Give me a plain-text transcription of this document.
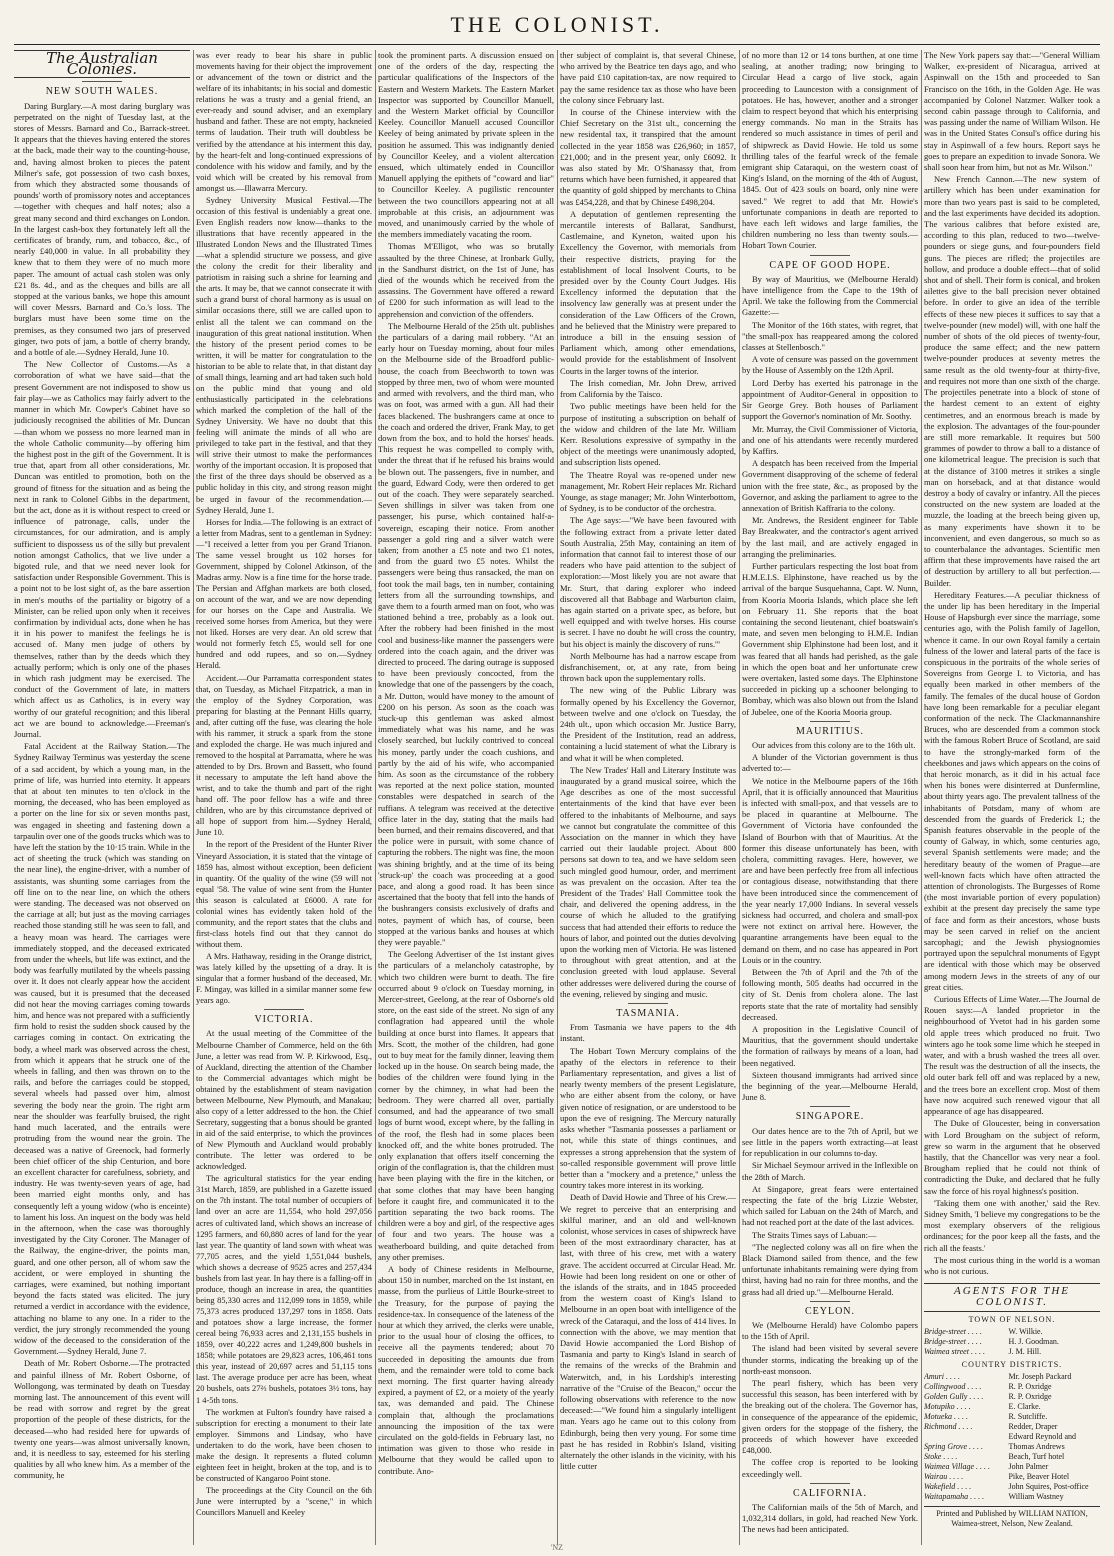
THE COLONIST.
The Australian Colonies.
NEW SOUTH WALES.

Daring Burglary.—A most daring burglary was perpetrated on the night of Tuesday last, at the stores of Messrs. Barnard and Co., Barrack-street. It appears that the thieves having entered the stores at the back, made their way to the counting-house, and, having almost broken to pieces the patent Milner's safe, got possession of two cash boxes, from which they abstracted some thousands of pounds' worth of promissory notes and acceptances—together with cheques and half notes; also a great many second and third exchanges on London. In the largest cash-box they fortunately left all the certificates of brandy, rum, and tobacco, &c., of nearly £40,000 in value. In all probability they knew that to them they were of no much more paper. The amount of actual cash stolen was only £21 8s. 4d., and as the cheques and bills are all stopped at the various banks, we hope this amount will cover Messrs. Barnard and Co.'s loss. The burglars must have been some time on the premises, as they consumed two jars of preserved ginger, two pots of jam, a bottle of cherry brandy, and a bottle of ale.—Sydney Herald, June 10.

The New Collector of Customs.—As a corroboration of what we have said—that the present Government are not indisposed to show us fair play—we as Catholics may fairly advert to the manner in which Mr. Cowper's Cabinet have so judiciously recognised the abilities of Mr. Duncan—than whom we possess no more learned man in the whole Catholic community—by offering him the highest post in the gift of the Government. It is true that, apart from all other considerations, Mr. Duncan was entitled to promotion, both on the ground of fitness for the situation and as being the next in rank to Colonel Gibbs in the department, but the act, done as it is without respect to creed or influence of patronage, calls, under the circumstances, for our admiration, and is amply sufficient to dispossess us of the silly but prevalent notion amongst Catholics, that we live under a bigoted rule, and that we need never look for satisfaction under Responsible Government. This is a point not to be lost sight of, as the bare assertion in men's mouths of the partiality or bigotry of a Minister, can be relied upon only when it receives confirmation by individual acts, done when he has it in his power to manifest the feelings he is accused of. Many men judge of others by themselves, rather than by the deeds which they actually perform; which is only one of the phases in which rash judgment may be exercised. The conduct of the Government of late, in matters which affect us as Catholics, is in every way worthy of our grateful recognition; and this liberal act we are bound to acknowledge.—Freeman's Journal.

Fatal Accident at the Railway Station.—The Sydney Railway Terminus was yesterday the scene of a sad accident, by which a young man, in the prime of life, was hurried into eternity. It appears that at about ten minutes to ten o'clock in the morning, the deceased, who has been employed as a porter on the line for six or seven months past, was engaged in sheeting and fastening down a tarpaulin over one of the goods trucks which was to have left the station by the 10·15 train. While in the act of sheeting the truck (which was standing on the near line), the engine-driver, with a number of assistants, was shunting some carriages from the off line on to the near line, on which the others were standing. The deceased was not observed on the carriage at all; but just as the moving carriages reached those standing still he was seen to fall, and a heavy moan was heard. The carriages were immediately stopped, and the deceased extricated from under the wheels, but life was extinct, and the body was fearfully mutilated by the wheels passing over it. It does not clearly appear how the accident was caused, but it is presumed that the deceased did not hear the moving carriages coming towards him, and hence was not prepared with a sufficiently firm hold to resist the sudden shock caused by the carriages coming in contact. On extricating the body, a wheel mark was observed across the chest, from which it appears that he struck one of the wheels in falling, and then was thrown on to the rails, and before the carriages could be stopped, several wheels had passed over him, almost severing the body near the groin. The right arm near the shoulder was fearfully bruised, the right hand much lacerated, and the entrails were protruding from the wound near the groin. The deceased was a native of Greenock, had formerly been chief officer of the ship Centurion, and bore an excellent character for carefulness, sobriety, and industry. He was twenty-seven years of age, had been married eight months only, and has consequently left a young widow (who is enceinte) to lament his loss. An inquest on the body was held in the afternoon, when the case was thoroughly investigated by the City Coroner. The Manager of the Railway, the engine-driver, the points man, guard, and one other person, all of whom saw the accident, or were employed in shunting the carriages, were examined, but nothing important beyond the facts stated was elicited. The jury returned a verdict in accordance with the evidence, attaching no blame to any one. In a rider to the verdict, the jury strongly recommended the young widow of the deceased to the consideration of the Government.—Sydney Herald, June 7.

Death of Mr. Robert Osborne.—The protracted and painful illness of Mr. Robert Osborne, of Wollongong, was terminated by death on Tuesday morning last. The announcement of this event will be read with sorrow and regret by the great proportion of the people of these districts, for the deceased—who had resided here for upwards of twenty one years—was almost universally known, and, it is needless to say, esteemed for his sterling qualities by all who knew him. As a member of the community, he

was ever ready to bear his share in public movements having for their object the improvement or advancement of the town or district and the welfare of its inhabitants; in his social and domestic relations he was a trusty and a genial friend, an ever-ready and sound adviser, and an exemplary husband and father. These are not empty, hackneied terms of laudation. Their truth will doubtless be verified by the attendance at his interment this day, by the heart-felt and long-continued expressions of condolence with his widow and family, and by the void which will be created by his removal from amongst us.—Illawarra Mercury.

Sydney University Musical Festival.—The occasion of this festival is undeniably a great one. Even English readers now know—thanks to the illustrations that have recently appeared in the Illustrated London News and the Illustrated Times—what a splendid structure we possess, and give the colony the credit for their liberality and patriotism in raising such a shrine for learning and the arts. It may be, that we cannot consecrate it with such a grand burst of choral harmony as is usual on similar occasions there, still we are called upon to enlist all the talent we can command on the inauguration of this great national institution. When the history of the present period comes to be written, it will be matter for congratulation to the historian to be able to relate that, in that distant day of small things, learning and art had taken such hold on the public mind that young and old enthusiastically participated in the celebrations which marked the completion of the hall of the Sydney University. We have no doubt that this feeling will animate the minds of all who are privileged to take part in the festival, and that they will strive their utmost to make the performances worthy of the important occasion. It is proposed that the first of the three days should be observed as a public holiday in this city, and strong reason might be urged in favour of the recommendation.—Sydney Herald, June 1.

Horses for India.—The following is an extract of a letter from Madras, sent to a gentleman in Sydney:—"I received a letter from you per Grand Trianon. The same vessel brought us 102 horses for Government, shipped by Colonel Atkinson, of the Madras army. Now is a fine time for the horse trade. The Persian and Affghan markets are both closed, on account of the war, and we are now depending for our horses on the Cape and Australia. We received some horses from America, but they were not liked. Horses are very dear. An old screw that would not formerly fetch £5, would sell for one hundred and odd rupees, and so on.—Sydney Herald.

Accident.—Our Parramatta correspondent states that, on Tuesday, as Michael Fitzpatrick, a man in the employ of the Sydney Corporation, was preparing for blasting at the Pennant Hills quarry, and, after cutting off the fuse, was clearing the hole with his rammer, it struck a spark from the stone and exploded the charge. He was much injured and removed to the hospital at Parramatta, where he was attended to by Drs. Brown and Bassett, who found it necessary to amputate the left hand above the wrist, and to take the thumb and part of the right hand off. The poor fellow has a wife and three children, who are by this circumstance deprived of all hope of support from him.—Sydney Herald, June 10.

In the report of the President of the Hunter River Vineyard Association, it is stated that the vintage of 1859 has, almost without exception, been deficient in quantity. Of the quality of the wine (59 will not equal '58. The value of wine sent from the Hunter this season is calculated at £6000. A rate for colonial wines has evidently taken hold of the community, and the report states that the clubs and first-class hotels find out that they cannot do without them.

A Mrs. Hathaway, residing in the Orange district, was lately killed by the upsetting of a dray. It is singular that a former husband of the deceased, Mr. F. Mingay, was killed in a similar manner some few years ago.

VICTORIA.

At the usual meeting of the Committee of the Melbourne Chamber of Commerce, held on the 6th June, a letter was read from W. P. Kirkwood, Esq., of Auckland, directing the attention of the Chamber to the Commercial advantages which might be obtained by the establishment of steam navigation between Melbourne, New Plymouth, and Manakau; also copy of a letter addressed to the hon. the Chief Secretary, suggesting that a bonus should be granted in aid of the said enterprise, to which the provinces of New Plymouth and Auckland would probably contribute. The letter was ordered to be acknowledged.

The agricultural statistics for the year ending 31st March, 1859, are published in a Gazette issued on the 7th instant. The total number of occupiers of land over an acre are 11,554, who hold 297,056 acres of cultivated land, which shows an increase of 1295 farmers, and 60,880 acres of land for the year last year. The quantity of land sown with wheat was 77,705 acres, and the yield 1,551,044 bushels, which shows a decrease of 9525 acres and 257,434 bushels from last year. In hay there is a falling-off in produce, though an increase in area, the quantities being 85,330 acres and 112,099 tons in 1859, while 75,373 acres produced 137,297 tons in 1858. Oats and potatoes show a large increase, the former cereal being 76,933 acres and 2,131,155 bushels in 1859, over 40,222 acres and 1,249,800 bushels in 1858; while potatoes are 29,823 acres, 106,461 tons this year, instead of 20,697 acres and 51,115 tons last. The average produce per acre has been, wheat 20 bushels, oats 27⅔ bushels, potatoes 3½ tons, hay 1 4-5th tons.

The workmen at Fulton's foundry have raised a subscription for erecting a monument to their late employer. Simmons and Lindsay, who have undertaken to do the work, have been chosen to make the design. It represents a fluted column eighteen feet in height, broken at the top, and is to be constructed of Kangaroo Point stone.

The proceedings at the City Council on the 6th June were interrupted by a "scene," in which Councillors Manuell and Keeley

took the prominent parts. A discussion ensued on one of the orders of the day, respecting the particular qualifications of the Inspectors of the Eastern and Western Markets. The Eastern Market Inspector was supported by Councillor Manuell, and the Western Market official by Councillor Keeley. Councillor Manuell accused Councillor Keeley of being animated by private spleen in the position he assumed. This was indignantly denied by Councillor Keeley, and a violent altercation ensued, which ultimately ended in Councillor Manuell applying the epithets of "coward and liar" to Councillor Keeley. A pugilistic rencounter between the two councillors appearing not at all improbable at this crisis, an adjournment was moved, and unanimously carried by the whole of the members immediately vacating the room.

Thomas M'Elligot, who was so brutally assaulted by the three Chinese, at Ironbark Gully, in the Sandhurst district, on the 1st of June, has died of the wounds which he received from the assassins. The Government have offered a reward of £200 for such information as will lead to the apprehension and conviction of the offenders.

The Melbourne Herald of the 25th ult. publishes the particulars of a daring mail robbery. "At an early hour on Tuesday morning, about four miles on the Melbourne side of the Broadford public-house, the coach from Beechworth to town was stopped by three men, two of whom were mounted and armed with revolvers, and the third man, who was on foot, was armed with a gun. All had their faces blackened. The bushrangers came at once to the coach and ordered the driver, Frank May, to get down from the box, and to hold the horses' heads. This request he was compelled to comply with, under the threat that if he refused his brains would be blown out. The passengers, five in number, and the guard, Edward Cody, were then ordered to get out of the coach. They were separately searched. Seven shillings in silver was taken from one passenger, his purse, which contained half-a-sovereign, escaping their notice. From another passenger a gold ring and a silver watch were taken; from another a £5 note and two £1 notes, and from the guard two £5 notes. Whilst the passengers were being thus ransacked, the man on foot took the mail bags, ten in number, containing letters from all the surrounding townships, and gave them to a fourth armed man on foot, who was stationed behind a tree, probably as a look out. After the robbery had been finished in the most cool and business-like manner the passengers were ordered into the coach again, and the driver was directed to proceed. The daring outrage is supposed to have been previously concocted, from the knowledge that one of the passengers by the coach, a Mr. Dutton, would have money to the amount of £200 on his person. As soon as the coach was stuck-up this gentleman was asked almost immediately what was his name, and he was closely searched, but luckily contrived to conceal his money, partly under the coach cushions, and partly by the aid of his wife, who accompanied him. As soon as the circumstance of the robbery was reported at the next police station, mounted constables were despatched in search of the ruffians. A telegram was received at the detective office later in the day, stating that the mails had been burned, and their remains discovered, and that the police were in pursuit, with some chance of capturing the robbers. The night was fine, the moon was shining brightly, and at the time of its being 'struck-up' the coach was proceeding at a good pace, and along a good road. It has been since ascertained that the booty that fell into the hands of the bushrangers consists exclusively of drafts and notes, payment of which has, of course, been stopped at the various banks and houses at which they were payable."

The Geelong Advertiser of the 1st instant gives the particulars of a melancholy catastrophe, by which two children were burnt to death. The fire occurred about 9 o'clock on Tuesday morning, in Mercer-street, Geelong, at the rear of Osborne's old store, on the east side of the street. No sign of any conflagration had appeared until the whole building at once burst into flames. It appears that Mrs. Scott, the mother of the children, had gone out to buy meat for the family dinner, leaving them locked up in the house. On search being made, the bodies of the children were found lying in the corner by the chimney, in what had been the bedroom. They were charred all over, partially consumed, and had the appearance of two small logs of burnt wood, except where, by the falling in of the roof, the flesh had in some places been knocked off, and the white bones protruded. The only explanation that offers itself concerning the origin of the conflagration is, that the children must have been playing with the fire in the kitchen, or that some clothes that may have been hanging before it caught fire, and communicated it to the partition separating the two back rooms. The children were a boy and girl, of the respective ages of four and two years. The house was a weatherboard building, and quite detached from any other premises.

A body of Chinese residents in Melbourne, about 150 in number, marched on the 1st instant, en masse, from the purlieus of Little Bourke-street to the Treasury, for the purpose of paying the residence-tax. In consequence of the lateness of the hour at which they arrived, the clerks were unable, prior to the usual hour of closing the offices, to receive all the payments tendered; about 70 succeeded in depositing the amounts due from them, and the remainder were told to come back next morning. The first quarter having already expired, a payment of £2, or a moiety of the yearly tax, was demanded and paid. The Chinese complain that, although the proclamations announcing the imposition of the tax were circulated on the gold-fields in February last, no intimation was given to those who reside in Melbourne that they would be called upon to contribute. Ano-

ther subject of complaint is, that several Chinese, who arrived by the Beatrice ten days ago, and who have paid £10 capitation-tax, are now required to pay the same residence tax as those who have been the colony since February last.

In course of the Chinese interview with the Chief Secretary on the 31st ult., concerning the new residental tax, it transpired that the amount collected in the year 1858 was £26,960; in 1857, £21,000; and in the present year, only £6092. It was also stated by Mr. O'Shanassy that, from returns which have been furnished, it appeared that the quantity of gold shipped by merchants to China was £454,228, and that by Chinese £498,204.

A deputation of gentlemen representing the mercantile interests of Ballarat, Sandhurst, Castlemaine, and Kyneton, waited upon his Excellency the Governor, with memorials from their respective districts, praying for the establishment of local Insolvent Courts, to be presided over by the County Court Judges. His Excellency informed the deputation that the insolvency law generally was at present under the consideration of the Law Officers of the Crown, and he believed that the Ministry were prepared to introduce a bill in the ensuing session of Parliament which, among other emendations, would provide for the establishment of Insolvent Courts in the larger towns of the interior.

The Irish comedian, Mr. John Drew, arrived from California by the Taisco.

Two public meetings have been held for the purpose of instituting a subscription on behalf of the widow and children of the late Mr. William Kerr. Resolutions expressive of sympathy in the object of the meetings were unanimously adopted, and subscription lists opened.

The Theatre Royal was re-opened under new management, Mr. Robert Heir replaces Mr. Richard Younge, as stage manager; Mr. John Winterbottom, of Sydney, is to be conductor of the orchestra.

The Age says:—"We have been favoured with the following extract from a private letter dated South Australia, 25th May, containing an item of information that cannot fail to interest those of our readers who have paid attention to the subject of exploration:—'Most likely you are not aware that Mr. Sturt, that daring explorer who indeed discovered all that Babbage and Warburton claim, has again started on a private spec, as before, but well equipped and with twelve horses. His course is secret. I have no doubt he will cross the country, but his object is mainly the discovery of runs.'"

North Melbourne has had a narrow escape from disfranchisement, or, at any rate, from being thrown back upon the supplementary rolls.

The new wing of the Public Library was formally opened by his Excellency the Governor, between twelve and one o'clock on Tuesday, the 24th ult., upon which occasion Mr. Justice Barry, the President of the Institution, read an address, containing a lucid statement of what the Library is and what it will be when completed.

The New Trades' Hall and Literary Institute was inaugurated by a grand musical soiree, which the Age describes as one of the most successful entertainments of the kind that have ever been offered to the inhabitants of Melbourne, and says we cannot but congratulate the committee of this Association on the manner in which they have carried out their laudable project. About 800 persons sat down to tea, and we have seldom seen such mingled good humour, order, and merriment as was prevalent on the occasion. After tea the President of the Trades' Hall Committee took the chair, and delivered the opening address, in the course of which he alluded to the gratifying success that had attended their efforts to reduce the hours of labor, and pointed out the duties devolving upon the working men of Victoria. He was listened to throughout with great attention, and at the conclusion greeted with loud applause. Several other addresses were delivered during the course of the evening, relieved by singing and music.

TASMANIA.

From Tasmania we have papers to the 4th instant.

The Hobart Town Mercury complains of the apathy of the electors in reference to their Parliamentary representation, and gives a list of nearly twenty members of the present Legislature, who are either absent from the colony, or have given notice of resignation, or are understood to be upon the eve of resigning. The Mercury naturally asks whether "Tasmania possesses a parliament or not, while this state of things continues, and expresses a strong apprehension that the system of so-called responsible government will prove little better than a "mockery and a pretence," unless the country takes more interest in its working.

Death of David Howie and Three of his Crew.—We regret to perceive that an enterprising and skilful mariner, and an old and well-known colonist, whose services in cases of shipwreck have been of the most extraordinary character, has at last, with three of his crew, met with a watery grave. The accident occurred at Circular Head. Mr. Howie had been long resident on one or other of the islands of the straits, and in 1845 proceeded from the western coast of King's Island to Melbourne in an open boat with intelligence of the wreck of the Cataraqui, and the loss of 414 lives. In connection with the above, we may mention that David Howie accompanied the Lord Bishop of Tasmania and party to King's Island in search of the remains of the wrecks of the Brahmin and Waterwitch, and, in his Lordship's interesting narrative of the "Cruise of the Beacon," occur the following observations with reference to the now deceased:—"We found him a singularly intelligent man. Years ago he came out to this colony from Edinburgh, being then very young. For some time past he has resided in Robbin's Island, visiting alternately the other islands in the vicinity, with his little cutter

of no more than 12 or 14 tons burthen, at one time sealing, at another trading; now bringing to Circular Head a cargo of live stock, again proceeding to Launceston with a consignment of potatoes. He has, however, another and a stronger claim to respect beyond that which his enterprising energy commands. No man in the Straits has rendered so much assistance in times of peril and of shipwreck as David Howie. He told us some thrilling tales of the fearful wreck of the female emigrant ship Cataraqui, on the western coast of King's Island, on the morning of the 4th of August, 1845. Out of 423 souls on board, only nine were saved." We regret to add that Mr. Howie's unfortunate companions in death are reported to have each left widows and large families, the children numbering no less than twenty souls.—Hobart Town Courier.

CAPE OF GOOD HOPE.

By way of Mauritius, we (Melbourne Herald) have intelligence from the Cape to the 19th of April. We take the following from the Commercial Gazette:—

The Monitor of the 16th states, with regret, that "the small-pox has reappeared among the colored classes at Stellenbosch."

A vote of censure was passed on the government by the House of Assembly on the 12th April.

Lord Derby has exerted his patronage in the appointment of Auditor-General in opposition to Sir George Grey. Both houses of Parliament support the Governor's nomination of Mr. Soothy.

Mr. Murray, the Civil Commissioner of Victoria, and one of his attendants were recently murdered by Kaffirs.

A despatch has been received from the Imperial Government disapproving of the scheme of federal union with the free state, &c., as proposed by the Governor, and asking the parliament to agree to the annexation of British Kaffraria to the colony.

Mr. Andrews, the Resident engineer for Table Bay Breakwater, and the contractor's agent arrived by the last mail, and are actively engaged in arranging the preliminaries.

Further particulars respecting the lost boat from H.M.E.I.S. Elphinstone, have reached us by the arrival of the barque Susquehanna, Capt. W. Nunn, from Kooria Mooria Islands, which place she left on February 11. She reports that the boat containing the second lieutenant, chief boatswain's mate, and seven men belonging to H.M.E. Indian Government ship Elphinstone had been lost, and it was feared that all hands had perished, as the gale in which the open boat and her unfortunate crew were overtaken, lasted some days. The Elphinstone succeeded in picking up a schooner belonging to Bombay, which was also blown out from the Island of Jubelee, one of the Kooria Mooria group.

MAURITIUS.

Our advices from this colony are to the 16th ult.

A blunder of the Victorian government is thus adverted to:—

We notice in the Melbourne papers of the 16th April, that it is officially announced that Mauritius is infected with small-pox, and that vessels are to be placed in quarantine at Melbourne. The Government of Victoria have confounded the Island of Bourbon with that of Mauritius. At the former this disease unfortunately has been, with cholera, committing ravages. Here, however, we are and have been perfectly free from all infectious or contagious disease, notwithstanding that there have been introduced since the commencement of the year nearly 17,000 Indians. In several vessels sickness had occurred, and cholera and small-pox were not extinct on arrival here. However, the quarantine arrangements have been equal to the demand on them, and no case has appeared in Port Louis or in the country.

Between the 7th of April and the 7th of the following month, 505 deaths had occurred in the city of St. Denis from cholera alone. The last reports state that the rate of mortality had sensibly decreased.

A proposition in the Legislative Council of Mauritius, that the government should undertake the formation of railways by means of a loan, had been negatived.

Sixteen thousand immigrants had arrived since the beginning of the year.—Melbourne Herald, June 8.

SINGAPORE.

Our dates hence are to the 7th of April, but we see little in the papers worth extracting—at least for republication in our columns to-day.

Sir Michael Seymour arrived in the Inflexible on the 28th of March.

At Singapore, great fears were entertained respecting the fate of the brig Lizzie Webster, which sailed for Labuan on the 24th of March, and had not reached port at the date of the last advices.

The Straits Times says of Labuan:—

"The neglected colony was all on fire when the Black Diamond sailed from thence, and the few unfortunate inhabitants remaining were dying from thirst, having had no rain for three months, and the grass had all dried up."—Melbourne Herald.

CEYLON.

We (Melbourne Herald) have Colombo papers to the 15th of April.

The island had been visited by several severe thunder storms, indicating the breaking up of the north-east monsoon.

The pearl fishery, which has been very successful this season, has been interfered with by the breaking out of the cholera. The Governor has, in consequence of the appearance of the epidemic, given orders for the stoppage of the fishery, the proceeds of which however have exceeded £48,000.

The coffee crop is reported to be looking exceedingly well.

CALIFORNIA.

The Californian mails of the 5th of March, and 1,032,314 dollars, in gold, had reached New York. The news had been anticipated.

'NZ

The New York papers say that:—"General William Walker, ex-president of Nicaragua, arrived at Aspinwall on the 15th and proceeded to San Francisco on the 16th, in the Golden Age. He was accompanied by Colonel Natzmer. Walker took a second cabin passage through to California, and was passing under the name of William Wilson. He was in the United States Consul's office during his stay in Aspinwall of a few hours. Report says he goes to prepare an expedition to invade Sonora. We shall soon hear from him, but not as Mr. Wilson."

New French Cannon.—The new system of artillery which has been under examination for more than two years past is said to be completed, and the last experiments have decided its adoption. The various calibres that before existed are, according to this plan, reduced to two—twelve-pounders or siege guns, and four-pounders field guns. The pieces are rifled; the projectiles are hollow, and produce a double effect—that of solid shot and of shell. Their form is conical, and broken ailettes give to the ball precision never obtained before. In order to give an idea of the terrible effects of these new pieces it suffices to say that a twelve-pounder (new model) will, with one half the number of shots of the old pieces of twenty-four, produce the same effect; and the new pattern twelve-pounder produces at seventy metres the same result as the old twenty-four at thirty-five, and requires not more than one sixth of the charge. The projectiles penetrate into a block of stone of the hardest cement to an extent of eighty centimetres, and an enormous breach is made by the explosion. The advantages of the four-pounder are still more remarkable. It requires but 500 grammes of powder to throw a ball to a distance of one kilometrical league. The precision is such that at the distance of 3100 metres it strikes a single man on horseback, and at that distance would destroy a body of cavalry or infantry. All the pieces constructed on the new system are loaded at the muzzle, the loading at the breech being given up, as many experiments have shown it to be inconvenient, and even dangerous, so much so as to counterbalance the advantages. Scientific men affirm that these improvements have raised the art of destruction by artillery to all but perfection.—Builder.

Hereditary Features.—A peculiar thickness of the under lip has been hereditary in the Imperial House of Hapsburgh ever since the marriage, some centuries ago, with the Polish family of Jagellon, whence it came. In our own Royal family a certain fulness of the lower and lateral parts of the face is conspicuous in the portraits of the whole series of Sovereigns from George I. to Victoria, and has equally been marked in other members of the family. The females of the ducal house of Gordon have long been remarkable for a peculiar elegant conformation of the neck. The Clackmannanshire Bruces, who are descended from a common stock with the famous Robert Bruce of Scotland, are said to have the strongly-marked form of the cheekbones and jaws which appears on the coins of that heroic monarch, as it did in his actual face when his bones were disinterred at Dunfermline, about thirty years ago. The prevalent tallness of the inhabitants of Potsdam, many of whom are descended from the guards of Frederick I.; the Spanish features observable in the people of the county of Galway, in which, some centuries ago, several Spanish settlements were made; and the hereditary beauty of the women of Prague—are well-known facts which have often attracted the attention of chronologists. The Burgesses of Rome (the most invariable portion of every population) exhibit at the present day precisely the same type of face and form as their ancestors, whose busts may be seen carved in relief on the ancient sarcophagi; and the Jewish physiognomies portrayed upon the sepulchral monuments of Egypt are identical with those which may be observed among modern Jews in the streets of any of our great cities.

Curious Effects of Lime Water.—The Journal de Rouen says:—A landed proprietor in the neighbourhood of Yvetot had in his garden some old apple trees which produced no fruit. Two winters ago he took some lime which he steeped in water, and with a brush washed the trees all over. The result was the destruction of all the insects, the old outer bark fell off and was replaced by a new, and the trees bore an excellent crop. Most of them have now acquired such renewed vigour that all appearance of age has disappeared.

The Duke of Gloucester, being in conversation with Lord Brougham on the subject of reform, grew so warm in the argument that he observed hastily, that the Chancellor was very near a fool. Brougham replied that he could not think of contradicting the Duke, and declared that he fully saw the force of his royal highness's position.

'Taking them one with another,' said the Rev. Sidney Smith, 'I believe my congregations to be the most exemplary observers of the religious ordinances; for the poor keep all the fasts, and the rich all the feasts.'

The most curious thing in the world is a woman who is not curious.

AGENTS FOR THE COLONIST.
TOWN OF NELSON.
Bridge-street . . . .	W. Wilkie.
Bridge-street . . . .	H. J. Goodman.
Waimea street . . . .	J. M. Hill.
COUNTRY DISTRICTS.
Amuri . . . .	Mr. Joseph Packard
Collingwood . . . .	R. P. Oxridge
Golden Gully . . . .	R. P. Oxridge
Motupiko . . . .	E. Clarke.
Motueka . . . .	R. Sutcliffe.
Richmond . . . .	Redder, Draper
	Edward Reynold and
Spring Grove . . . .	Thomas Andrews
Stoke . . . .	Beach, Turf hotel
Waimea Village . . . .	John Palmer
Wairau . . . .	Pike, Beaver Hotel
Wakefield . . . .	John Squires, Post-office
Waitapamaha . . . .	William Wastney
Printed and Published by WILLIAM NATION, Waimea-street, Nelson, New Zealand.
